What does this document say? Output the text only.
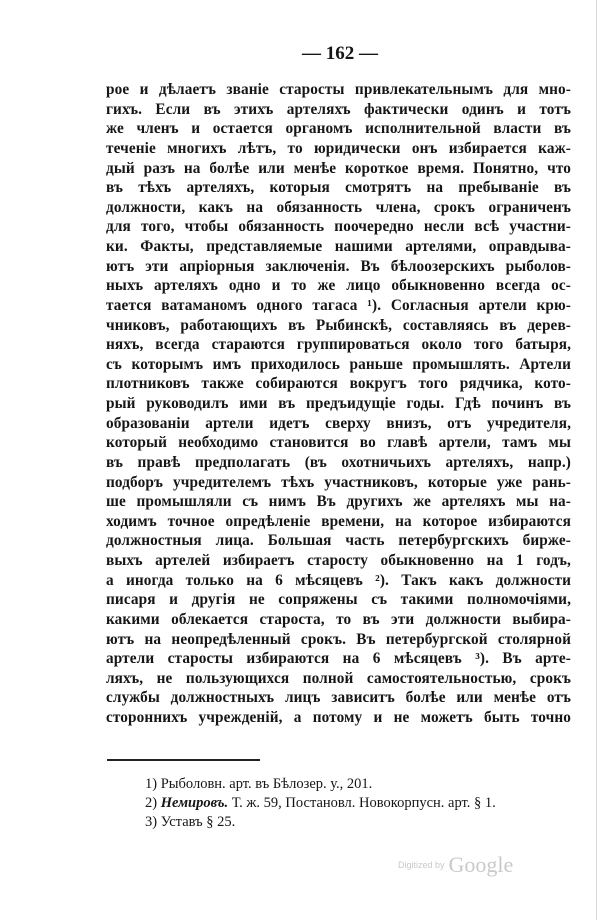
— 162 —
рое и дѣлаетъ званіе старосты привлекательнымъ для мно-
гихъ. Если въ этихъ артеляхъ фактически одинъ и тотъ
же членъ и остается органомъ исполнительной власти въ
теченіе многихъ лѣтъ, то юридически онъ избирается каж-
дый разъ на болѣе или менѣе короткое время. Понятно, что
въ тѣхъ артеляхъ, которыя смотрятъ на пребываніе въ
должности, какъ на обязанность члена, срокъ ограниченъ
для того, чтобы обязанность поочередно несли всѣ участни-
ки. Факты, представляемые нашими артелями, оправдыва-
ютъ эти апріорныя заключенія. Въ бѣлоозерскихъ рыболов-
ныхъ артеляхъ одно и то же лицо обыкновенно всегда ос-
тается ватаманомъ одного тагаса ¹). Согласныя артели крю-
чниковъ, работающихъ въ Рыбинскѣ, составляясь въ дерев-
няхъ, всегда стараются группироваться около того батыря,
съ которымъ имъ приходилось раньше промышлять. Артели
плотниковъ также собираются вокругъ того рядчика, кото-
рый руководилъ ими въ предъидущіе годы. Гдѣ починъ въ
образованіи артели идетъ сверху внизъ, отъ учредителя,
который необходимо становится во главѣ артели, тамъ мы
въ правѣ предполагать (въ охотничьихъ артеляхъ, напр.)
подборъ учредителемъ тѣхъ участниковъ, которые уже рань-
ше промышляли съ нимъ Въ другихъ же артеляхъ мы на-
ходимъ точное опредѣленіе времени, на которое избираются
должностныя лица. Большая часть петербургскихъ бирже-
выхъ артелей избираетъ старосту обыкновенно на 1 годъ,
а иногда только на 6 мѣсяцевъ ²). Такъ какъ должности
писаря и другія не сопряжены съ такими полномочіями,
какими облекается староста, то въ эти должности выбира-
ютъ на неопредѣленный срокъ. Въ петербургской столярной
артели старосты избираются на 6 мѣсяцевъ ³). Въ арте-
ляхъ, не пользующихся полной самостоятельностью, срокъ
службы должностныхъ лицъ зависитъ болѣе или менѣе отъ
стороннихъ учрежденій, а потому и не можетъ быть точно
1) Рыболовн. арт. въ Бѣлозер. у., 201.
2) Немировъ. Т. ж. 59, Постановл. Новокорпусн. арт. § 1.
3) Уставъ § 25.
Digitized by Google
